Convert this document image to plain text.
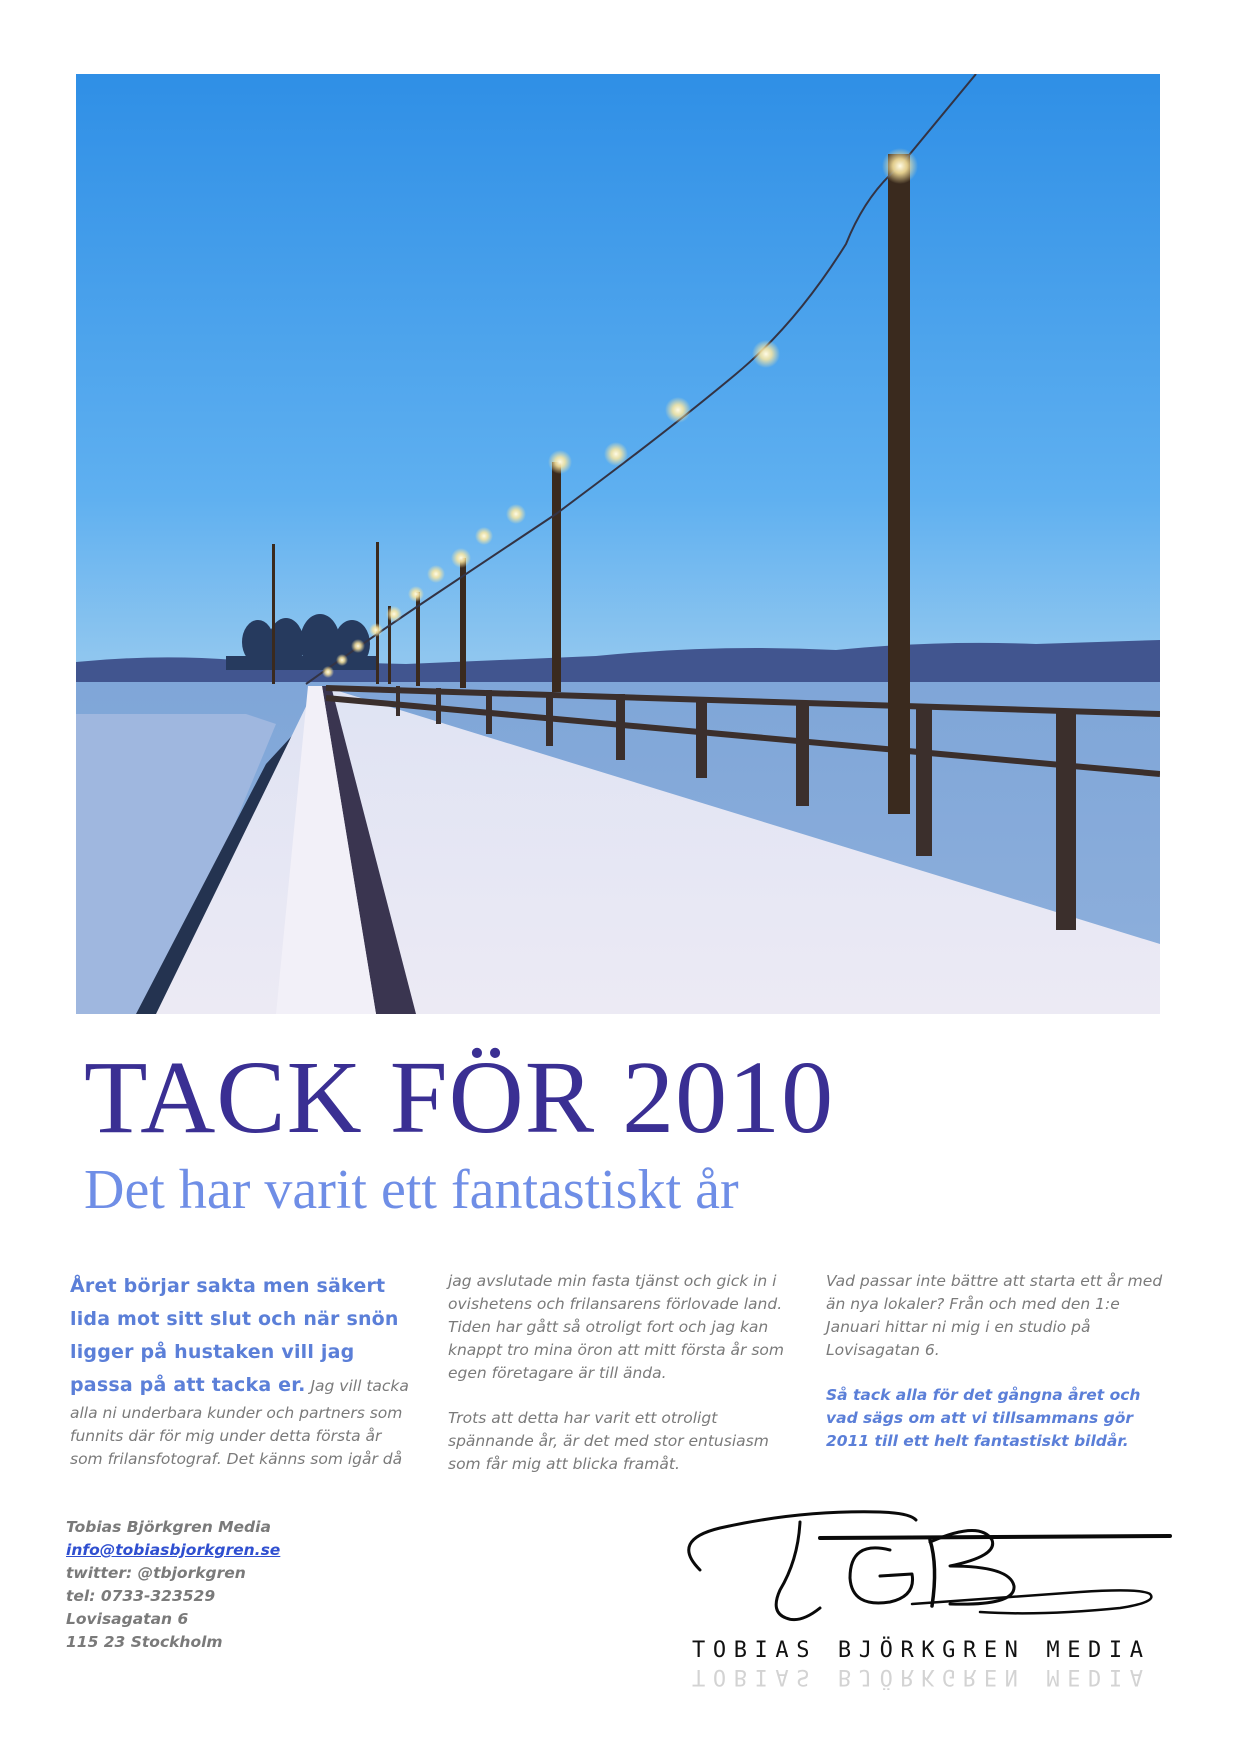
TACK FÖR 2010
Det har varit ett fantastiskt år
Året börjar sakta men säkert lida mot sitt slut och när snön ligger på hustaken vill jag passa på att tacka er. Jag vill tacka alla ni underbara kunder och partners som funnits där för mig under detta första år som frilansfotograf. Det känns som igår då

jag avslutade min fasta tjänst och gick in i ovishetens och frilansarens förlovade land. Tiden har gått så otroligt fort och jag kan knappt tro mina öron att mitt första år som egen företagare är till ända.

Trots att detta har varit ett otroligt spännande år, är det med stor entusiasm som får mig att blicka framåt.

Vad passar inte bättre att starta ett år med än nya lokaler? Från och med den 1:e Januari hittar ni mig i en studio på Lovisagatan 6.

Så tack alla för det gångna året och vad sägs om att vi tillsammans gör 2011 till ett helt fantastiskt bildår.

Tobias Björkgren Media
info@tobiasbjorkgren.se
twitter: @tbjorkgren
tel: 0733-323529
Lovisagatan 6
115 23 Stockholm	TOBIAS BJÖRKGREN MEDIA
TOBIAS BJÖRKGREN MEDIA
